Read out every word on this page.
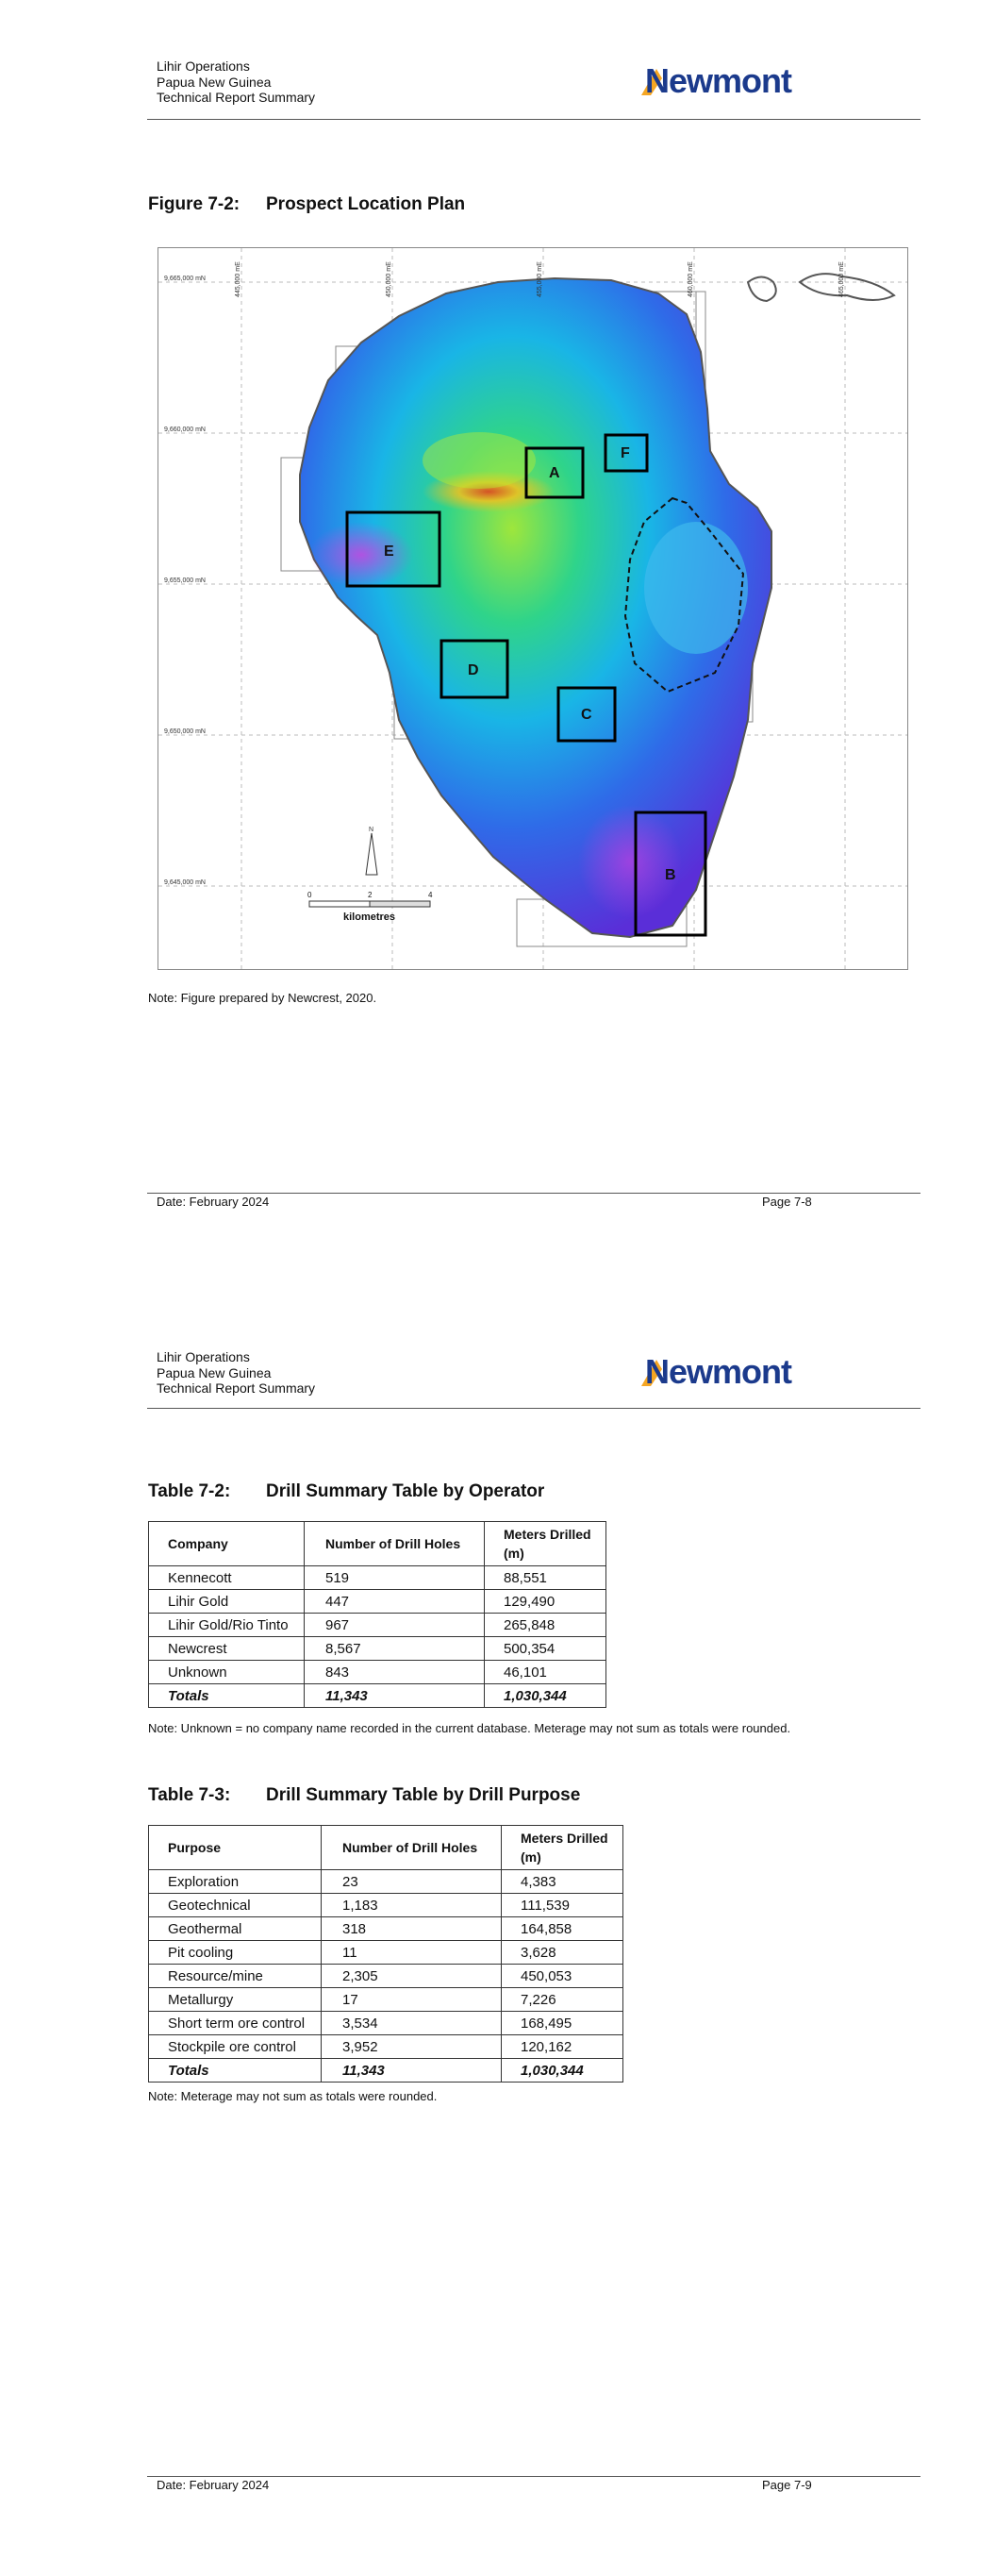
Lihir Operations
Papua New Guinea
Technical Report Summary	Newmont
Figure 7-2: Prospect Location Plan
A
B
C
D
E
F
9,665,000 mN
9,660,000 mN
9,655,000 mN
9,650,000 mN
9,645,000 mN
445,000 mE	450,000 mE	455,000 mE	460,000 mE	465,000 mE
N
0	2	4
kilometres
Note: Figure prepared by Newcrest, 2020.
Date: February 2024	Page 7-8
Lihir Operations
Papua New Guinea
Technical Report Summary	Newmont
Table 7-2: Drill Summary Table by Operator
Company	Number of Drill Holes	Meters Drilled (m)
Kennecott	519	88,551
Lihir Gold	447	129,490
Lihir Gold/Rio Tinto	967	265,848
Newcrest	8,567	500,354
Unknown	843	46,101
Totals	11,343	1,030,344
Note: Unknown = no company name recorded in the current database. Meterage may not sum as totals were rounded.
Table 7-3: Drill Summary Table by Drill Purpose
Purpose	Number of Drill Holes	Meters Drilled (m)
Exploration	23	4,383
Geotechnical	1,183	111,539
Geothermal	318	164,858
Pit cooling	11	3,628
Resource/mine	2,305	450,053
Metallurgy	17	7,226
Short term ore control	3,534	168,495
Stockpile ore control	3,952	120,162
Totals	11,343	1,030,344
Note: Meterage may not sum as totals were rounded.
Date: February 2024	Page 7-9
